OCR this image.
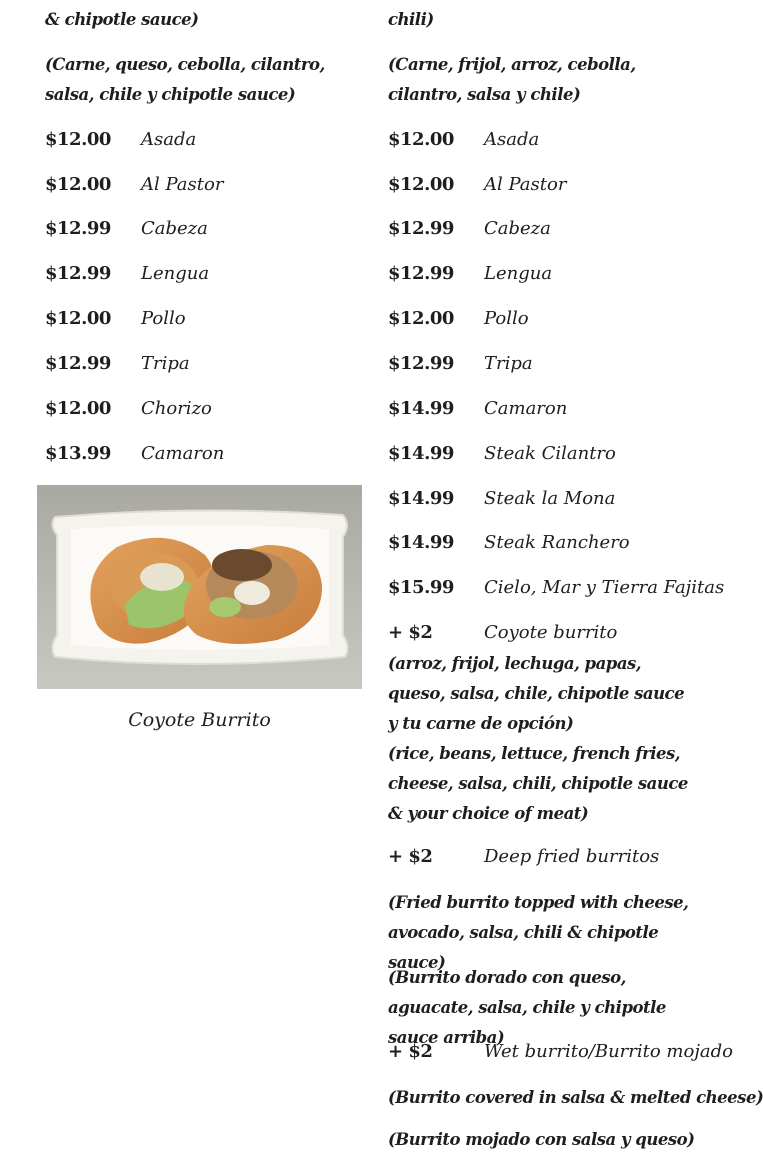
& chipotle sauce)
(Carne, queso, cebolla, cilantro, salsa, chile y chipotle sauce)
$12.00 Asada
$12.00 Al Pastor
$12.99 Cabeza
$12.99 Lengua
$12.00 Pollo
$12.99 Tripa
$12.00 Chorizo
$13.99 Camaron
Coyote Burrito
chili)
(Carne, frijol, arroz, cebolla, cilantro, salsa y chile)
$12.00 Asada
$12.00 Al Pastor
$12.99 Cabeza
$12.99 Lengua
$12.00 Pollo
$12.99 Tripa
$14.99 Camaron
$14.99 Steak Cilantro
$14.99 Steak la Mona
$14.99 Steak Ranchero
$15.99 Cielo, Mar y Tierra Fajitas
+ $2	Coyote burrito
(arroz, frijol, lechuga, papas, queso, salsa, chile, chipotle sauce y tu carne de opción)
(rice, beans, lettuce, french fries, cheese, salsa, chili, chipotle sauce & your choice of meat)
+ $2	Deep fried burritos
(Fried burrito topped with cheese, avocado, salsa, chili & chipotle sauce)
(Burrito dorado con queso, aguacate, salsa, chile y chipotle sauce arriba)
+ $2	Wet burrito/Burrito mojado
(Burrito covered in salsa & melted cheese)
(Burrito mojado con salsa y queso)
